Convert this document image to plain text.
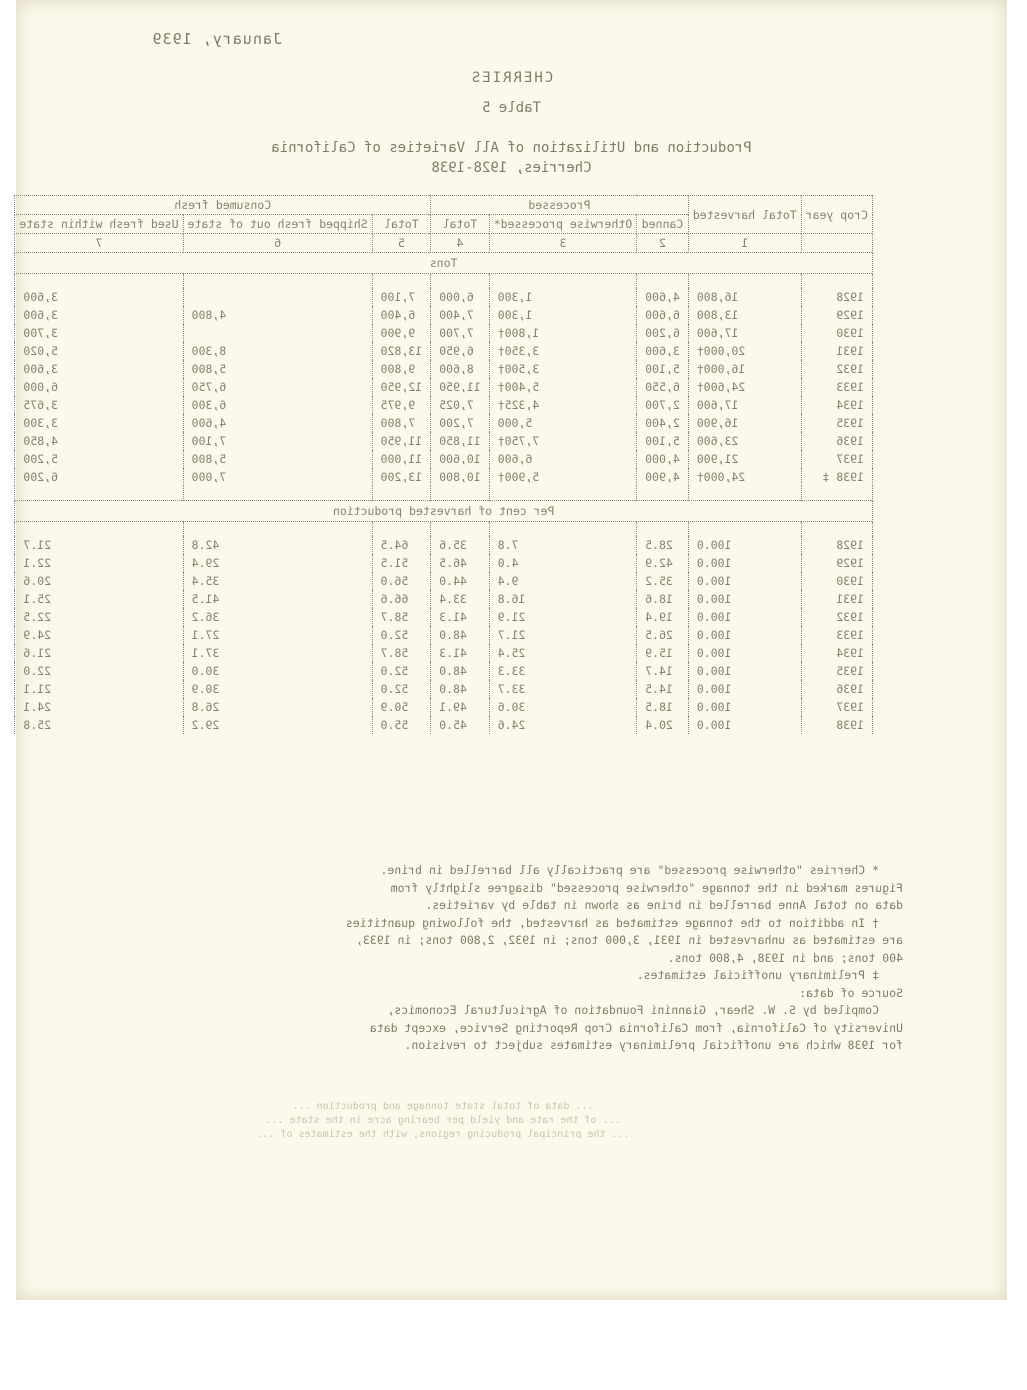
January, 1939
CHERRIES
Table 5
Production and Utilization of All Varieties of California
Cherries, 1928-1938
Crop year	Total harvested	Processed			Consumed fresh		
		Canned	Otherwise processed*	Total	Total	Shipped fresh out of state	Used fresh within state
	1	2	3	4	5	6	7
Tons							

1928	16,800	4,600	1,300	6,000	7,100		3,600
1929	13,800	6,600	1,300	7,400	6,400	4,800	3,600
1930	17,600	6,200	1,800†	7,700	9,900		3,700
1931	20,000†	3,600	3,350†	6,950	13,820	8,300	5,020
1932	16,000†	5,100	3,500†	8,600	9,800	5,800	3,600
1933	24,600†	6,550	5,400†	11,950	12,950	6,750	6,000
1934	17,600	2,700	4,325†	7,025	9,975	6,300	3,675
1935	16,900	2,400	5,000	7,200	7,800	4,600	3,300
1936	23,600	5,100	7,750†	11,850	11,950	7,100	4,850
1937	21,900	4,000	6,600	10,600	11,000	5,800	5,200
1938 ‡	24,000†	4,900	5,900†	10,800	13,200	7,000	6,200

Per cent of harvested production							

1928	100.0	28.5	7.8	35.6	64.5	42.8	21.7
1929	100.0	42.9	4.0	46.5	51.5	29.4	22.1
1930	100.0	35.2	9.4	44.0	56.0	35.4	20.6
1931	100.0	18.6	16.8	33.4	66.6	41.5	25.1
1932	100.0	19.4	21.9	41.3	58.7	36.2	22.5
1933	100.0	26.5	21.7	48.0	52.0	27.1	24.9
1934	100.0	15.9	25.4	41.3	58.7	37.1	21.6
1935	100.0	14.7	33.3	48.0	52.0	30.0	22.0
1936	100.0	14.5	33.7	48.0	52.0	30.9	21.1
1937	100.0	18.5	30.6	49.1	50.9	26.8	24.1
1938	100.0	20.4	24.6	45.0	55.0	29.2	25.8

* Cherries "otherwise processed" are practically all barrelled in brine.

Figures marked in the tonnage "otherwise processed" disagree slightly from

data on total Anne barrelled in brine as shown in table by varieties.

† In addition to the tonnage estimated as harvested, the following quantities

are estimated as unharvested in 1931, 3,000 tons; in 1932, 2,800 tons; in 1933,

400 tons; and in 1938, 4,800 tons.

‡ Preliminary unofficial estimates.

Source of data:

Compiled by S. W. Shear, Giannini Foundation of Agricultural Economics,

University of California, from California Crop Reporting Service, except data

for 1938 which are unofficial preliminary estimates subject to revision.

... data of total state tonnage and production ...

... of the rate and yield per bearing acre in the state ...

... the principal producing regions, with the estimates of ...
